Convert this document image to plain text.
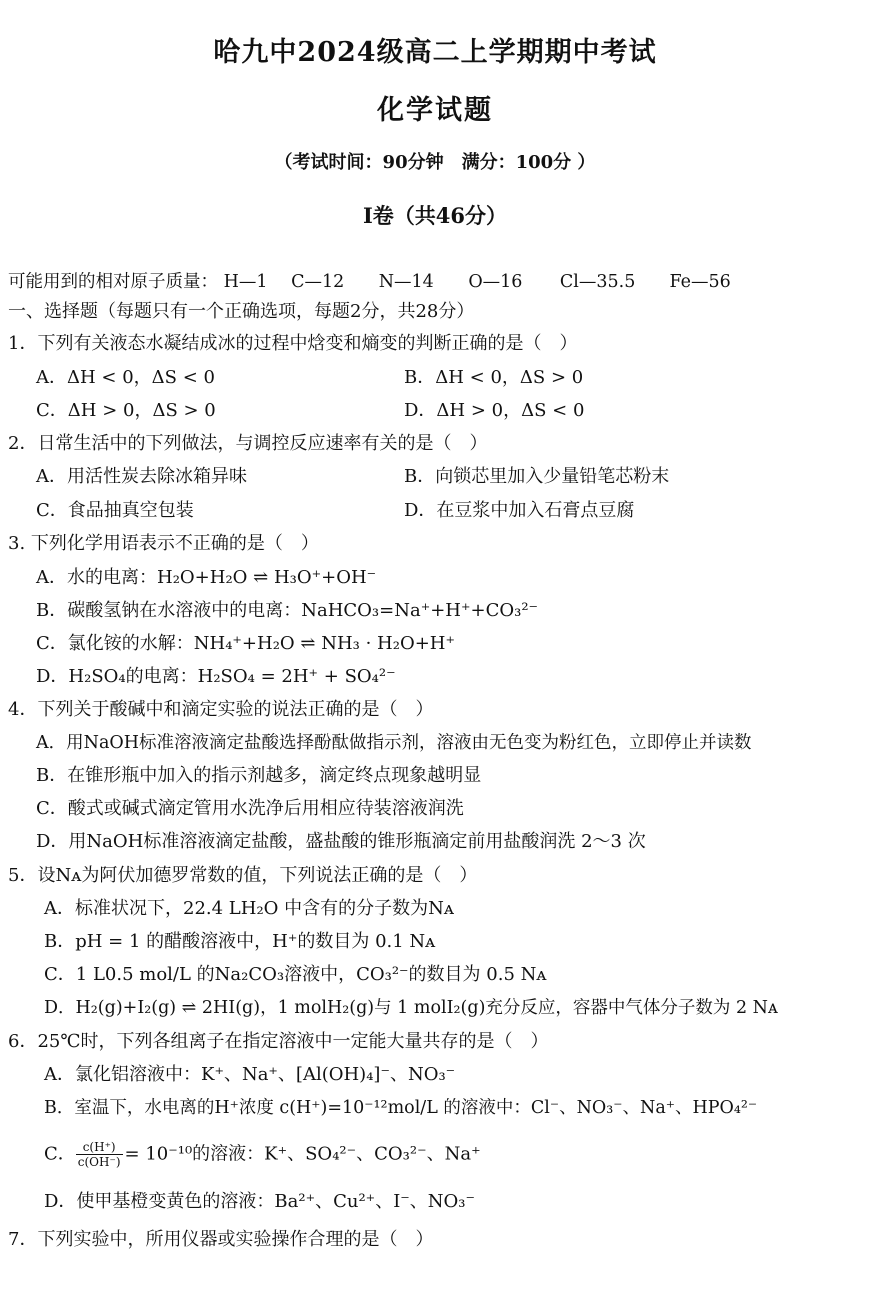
哈九中2024级高二上学期期中考试
化学试题
（考试时间：90分钟　满分：100分 ）
I卷（共46分）
可能用到的相对原子质量： H—1 C—12 N—14 O—16 Cl—35.5 Fe—56
一、选择题（每题只有一个正确选项，每题2分，共28分）
1．下列有关液态水凝结成冰的过程中焓变和熵变的判断正确的是（　）
A．ΔH < 0，ΔS < 0	B．ΔH < 0，ΔS > 0
C．ΔH > 0，ΔS > 0	D．ΔH > 0，ΔS < 0
2．日常生活中的下列做法，与调控反应速率有关的是（　）
A．用活性炭去除冰箱异味	B．向锁芯里加入少量铅笔芯粉末
C．食品抽真空包装	D．在豆浆中加入石膏点豆腐
3. 下列化学用语表示不正确的是（　）
A．水的电离：H₂O+H₂O ⇌ H₃O⁺+OH⁻
B．碳酸氢钠在水溶液中的电离：NaHCO₃=Na⁺+H⁺+CO₃²⁻
C．氯化铵的水解：NH₄⁺+H₂O ⇌ NH₃ · H₂O+H⁺
D．H₂SO₄的电离：H₂SO₄ = 2H⁺ + SO₄²⁻
4．下列关于酸碱中和滴定实验的说法正确的是（　）
A．用NaOH标准溶液滴定盐酸选择酚酞做指示剂，溶液由无色变为粉红色，立即停止并读数
B．在锥形瓶中加入的指示剂越多，滴定终点现象越明显
C．酸式或碱式滴定管用水洗净后用相应待装溶液润洗
D．用NaOH标准溶液滴定盐酸，盛盐酸的锥形瓶滴定前用盐酸润洗 2～3 次
5．设Nᴀ为阿伏加德罗常数的值，下列说法正确的是（　）
A．标准状况下，22.4 LH₂O 中含有的分子数为Nᴀ
B．pH = 1 的醋酸溶液中，H⁺的数目为 0.1 Nᴀ
C．1 L0.5 mol/L 的Na₂CO₃溶液中，CO₃²⁻的数目为 0.5 Nᴀ
D．H₂(g)+I₂(g) ⇌ 2HI(g)，1 molH₂(g)与 1 molI₂(g)充分反应，容器中气体分子数为 2 Nᴀ
6．25℃时，下列各组离子在指定溶液中一定能大量共存的是（　）
A．氯化铝溶液中：K⁺、Na⁺、[Al(OH)₄]⁻、NO₃⁻
B．室温下，水电离的H⁺浓度 c(H⁺)=10⁻¹²mol/L 的溶液中：Cl⁻、NO₃⁻、Na⁺、HPO₄²⁻
C． $\frac{c(H^+)}{c(OH^-)} = 10^{-10}$的溶液：K⁺、SO₄²⁻、CO₃²⁻、Na⁺
D．使甲基橙变黄色的溶液：Ba²⁺、Cu²⁺、I⁻、NO₃⁻
7．下列实验中，所用仪器或实验操作合理的是（　）
